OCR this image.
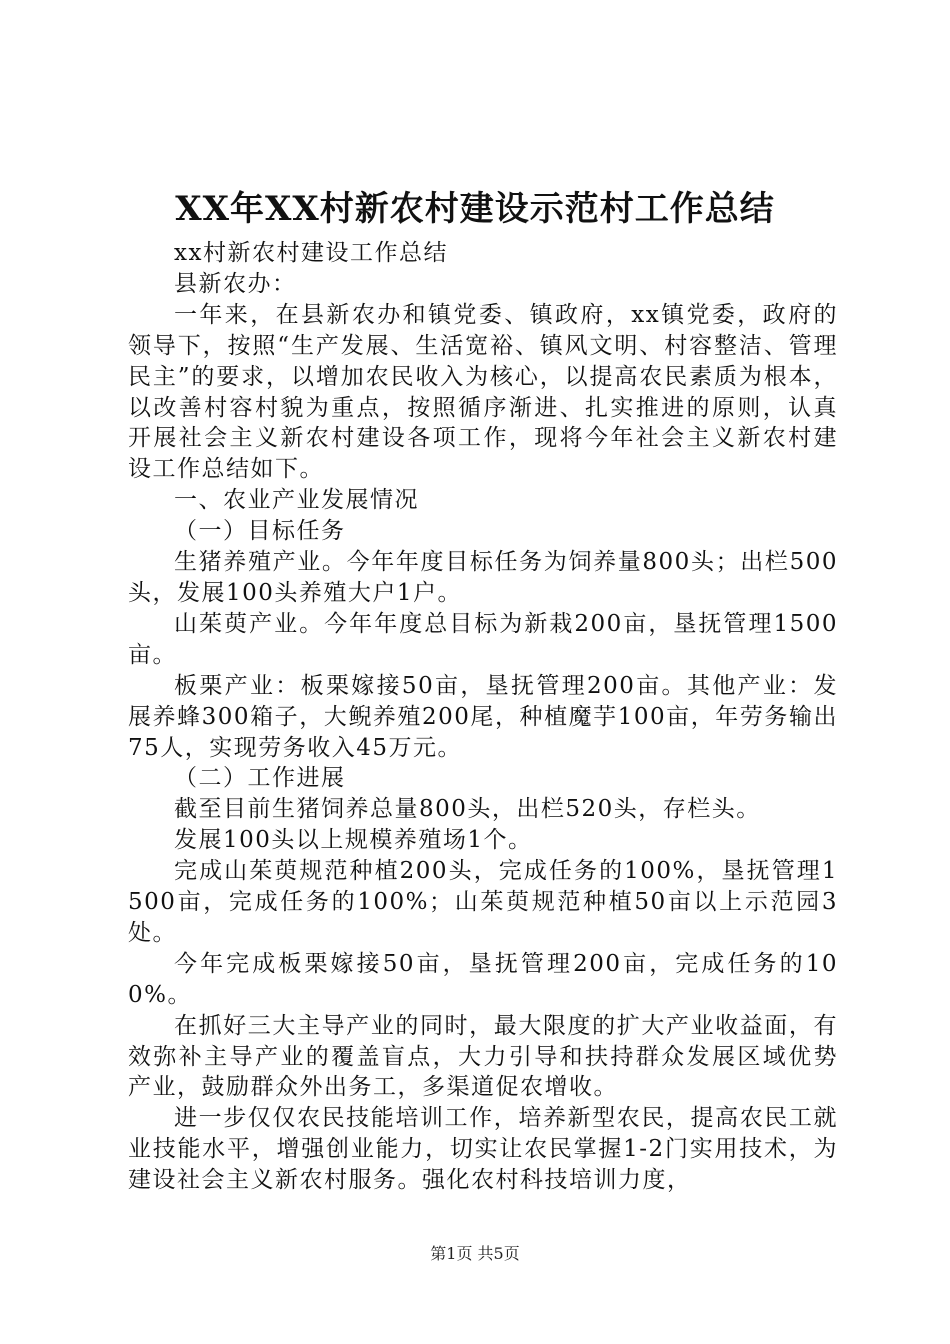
XX年XX村新农村建设示范村工作总结

xx村新农村建设工作总结

县新农办：

一年来，在县新农办和镇党委、镇政府，xx镇党委，政府的领导下，按照“生产发展、生活宽裕、镇风文明、村容整洁、管理民主”的要求，以增加农民收入为核心，以提高农民素质为根本，以改善村容村貌为重点，按照循序渐进、扎实推进的原则，认真开展社会主义新农村建设各项工作，现将今年社会主义新农村建设工作总结如下。

一、农业产业发展情况

（一）目标任务

生猪养殖产业。今年年度目标任务为饲养量800头；出栏500头，发展100头养殖大户1户。

山茱萸产业。今年年度总目标为新栽200亩，垦抚管理1500亩。

板栗产业：板栗嫁接50亩，垦抚管理200亩。其他产业：发展养蜂300箱子，大鲵养殖200尾，种植魔芋100亩，年劳务输出75人，实现劳务收入45万元。

（二）工作进展

截至目前生猪饲养总量800头，出栏520头，存栏头。

发展100头以上规模养殖场1个。

完成山茱萸规范种植200头，完成任务的100%，垦抚管理1500亩，完成任务的100%；山茱萸规范种植50亩以上示范园3处。

今年完成板栗嫁接50亩，垦抚管理200亩，完成任务的100%。

在抓好三大主导产业的同时，最大限度的扩大产业收益面，有效弥补主导产业的覆盖盲点，大力引导和扶持群众发展区域优势产业，鼓励群众外出务工，多渠道促农增收。

进一步仅仅农民技能培训工作，培养新型农民，提高农民工就业技能水平，增强创业能力，切实让农民掌握1-2门实用技术，为建设社会主义新农村服务。强化农村科技培训力度，

第1页 共5页
